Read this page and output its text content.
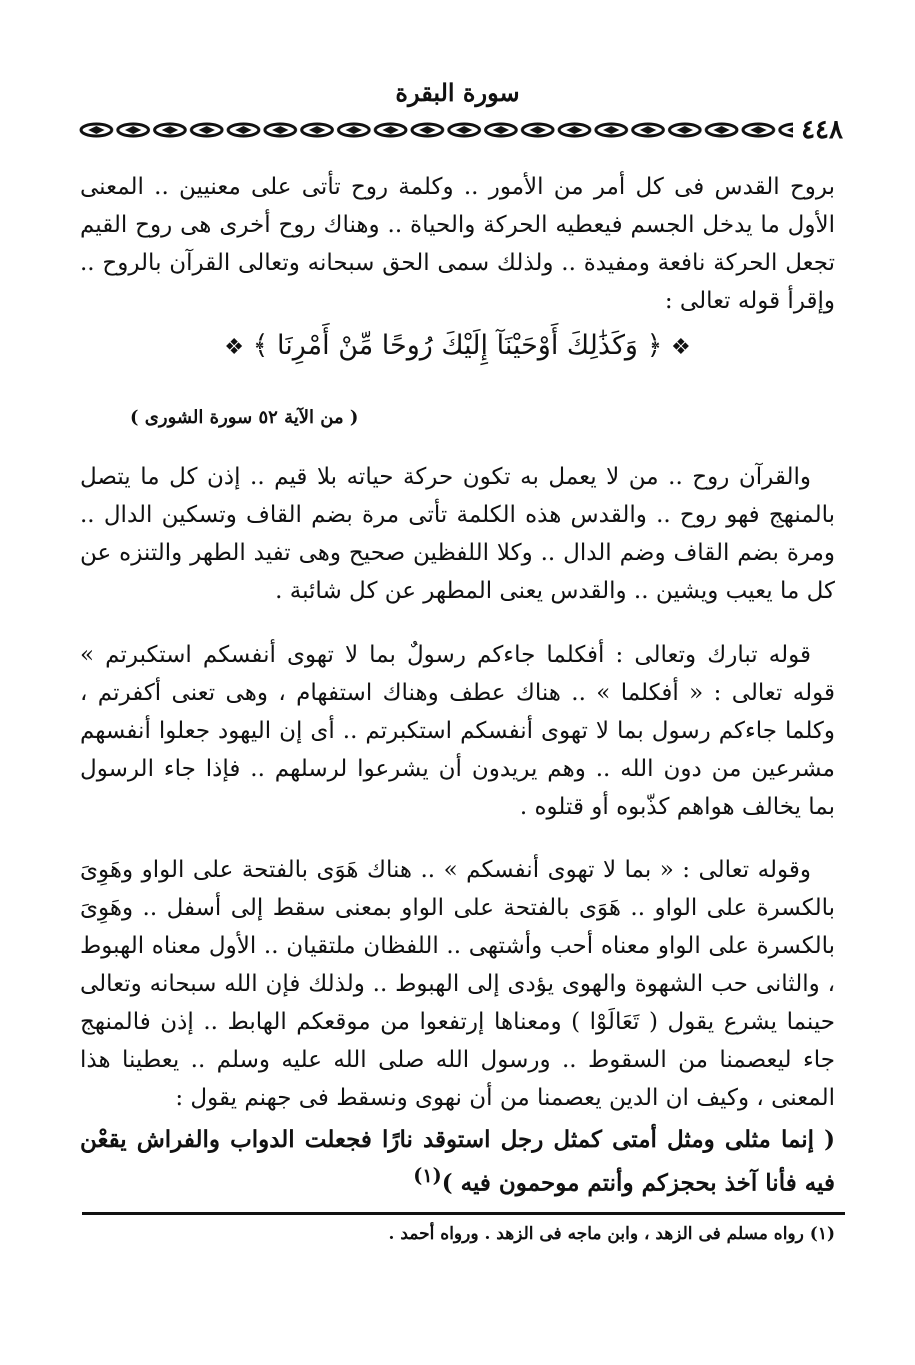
سورة البقرة
٤٤٨

بروح القدس فى كل أمر من الأمور .. وكلمة روح تأتى على معنيين .. المعنى الأول ما يدخل الجسم فيعطيه الحركة والحياة .. وهناك روح أخرى هى روح القيم تجعل الحركة نافعة ومفيدة .. ولذلك سمى الحق سبحانه وتعالى القرآن بالروح .. وإقرأ قوله تعالى :

❖ ﴿ وَكَذَٰلِكَ أَوْحَيْنَآ إِلَيْكَ رُوحًا مِّنْ أَمْرِنَا ﴾ ❖
( من الآية ٥٢ سورة الشورى )

والقرآن روح .. من لا يعمل به تكون حركة حياته بلا قيم .. إذن كل ما يتصل بالمنهج فهو روح .. والقدس هذه الكلمة تأتى مرة بضم القاف وتسكين الدال .. ومرة بضم القاف وضم الدال .. وكلا اللفظين صحيح وهى تفيد الطهر والتنزه عن كل ما يعيب ويشين .. والقدس يعنى المطهر عن كل شائبة .

قوله تبارك وتعالى : أفكلما جاءكم رسولٌ بما لا تهوى أنفسكم استكبرتم » قوله تعالى : « أفكلما » .. هناك عطف وهناك استفهام ، وهى تعنى أكفرتم ، وكلما جاءكم رسول بما لا تهوى أنفسكم استكبرتم .. أى إن اليهود جعلوا أنفسهم مشرعين من دون الله .. وهم يريدون أن يشرعوا لرسلهم .. فإذا جاء الرسول بما يخالف هواهم كذّبوه أو قتلوه .

وقوله تعالى : « بما لا تهوى أنفسكم » .. هناك هَوَى بالفتحة على الواو وهَوِىَ بالكسرة على الواو .. هَوَى بالفتحة على الواو بمعنى سقط إلى أسفل .. وهَوِىَ بالكسرة على الواو معناه أحب وأشتهى .. اللفظان ملتقيان .. الأول معناه الهبوط ، والثانى حب الشهوة والهوى يؤدى إلى الهبوط .. ولذلك فإن الله سبحانه وتعالى حينما يشرع يقول ( تَعَالَوْا ) ومعناها إرتفعوا من موقعكم الهابط .. إذن فالمنهج جاء ليعصمنا من السقوط .. ورسول الله صلى الله عليه وسلم .. يعطينا هذا المعنى ، وكيف ان الدين يعصمنا من أن نهوى ونسقط فى جهنم يقول :

( إنما مثلى ومثل أمتى كمثل رجل استوقد نارًا فجعلت الدواب والفراش يقعْن فيه فأنا آخذ بحجزكم وأنتم موحمون فيه )$^{(١)}$

(١) رواه مسلم فى الزهد ، وابن ماجه فى الزهد . ورواه أحمد .
